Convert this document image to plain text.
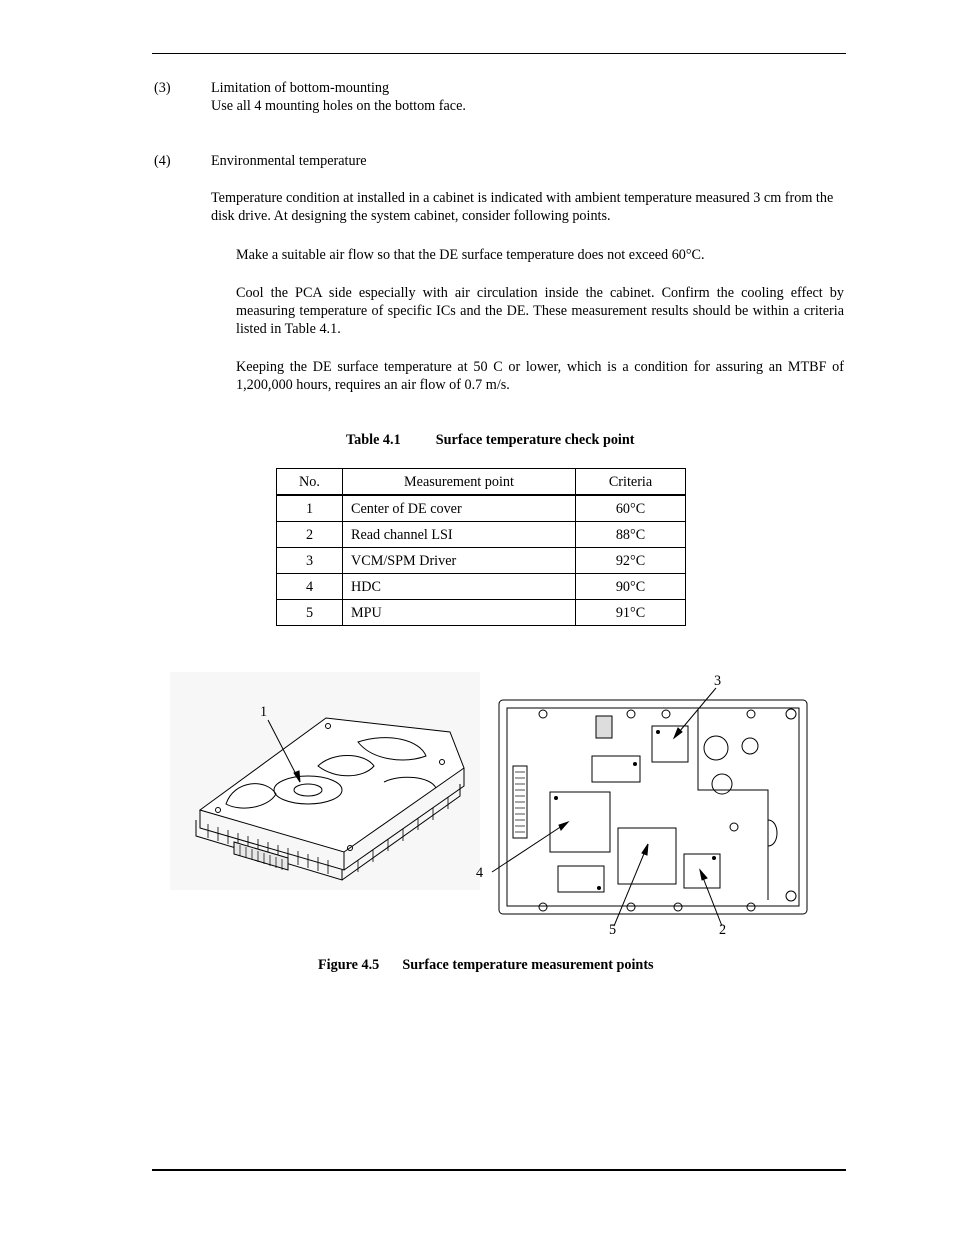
(3)	Limitation of bottom-mounting

Use all 4 mounting holes on the bottom face.

(4)	Environmental temperature

Temperature condition at installed in a cabinet is indicated with ambient temperature measured 3 cm from the disk drive. At designing the system cabinet, consider following points.

Make a suitable air flow so that the DE surface temperature does not exceed 60°C.

Cool the PCA side especially with air circulation inside the cabinet. Confirm the cooling effect by measuring temperature of specific ICs and the DE. These measurement results should be within a criteria listed in Table 4.1.

Keeping the DE surface temperature at 50 C or lower, which is a condition for assuring an MTBF of 1,200,000 hours, requires an air flow of 0.7 m/s.

Table 4.1 Surface temperature check point
No.	Measurement point	Criteria
1	Center of DE cover	60°C
2	Read channel LSI	88°C
3	VCM/SPM Driver	92°C
4	HDC	90°C
5	MPU	91°C
1
2
3
4
5
Figure 4.5 Surface temperature measurement points
